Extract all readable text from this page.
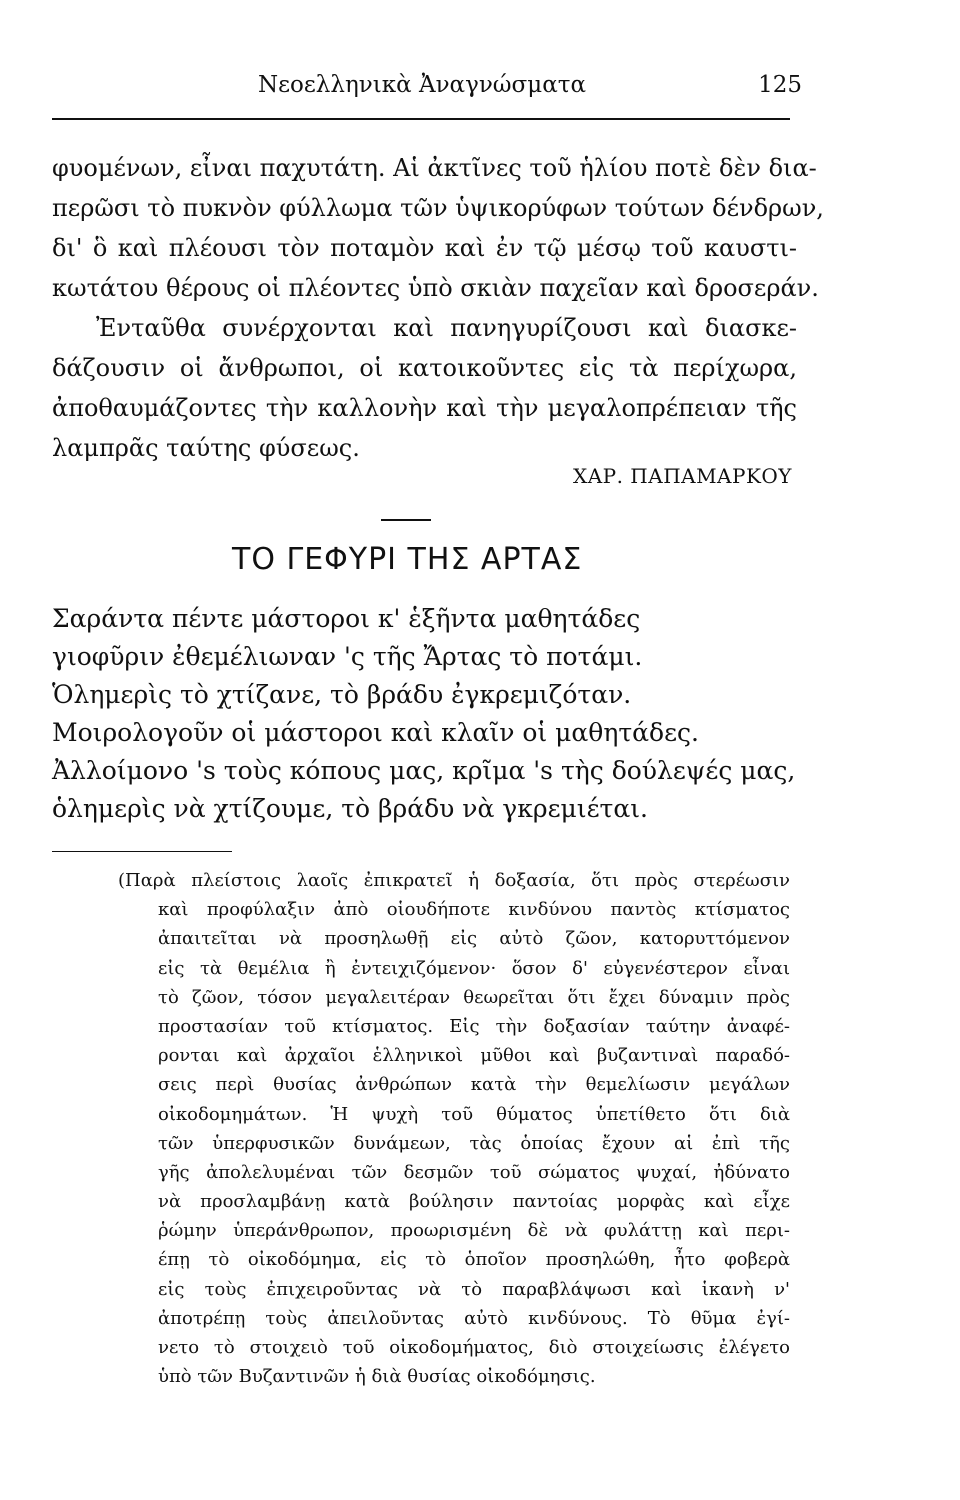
Νεοελληνικὰ Ἀναγνώσματα	125
φυομένων, εἶναι παχυτάτη. Αἱ ἀκτῖνες τοῦ ἡλίου ποτὲ δὲν δια-
περῶσι τὸ πυκνὸν φύλλωμα τῶν ὑψικορύφων τούτων δένδρων,
δι' ὃ καὶ πλέουσι τὸν ποταμὸν καὶ ἐν τῷ μέσῳ τοῦ καυστι-
κωτάτου θέρους οἱ πλέοντες ὑπὸ σκιὰν παχεῖαν καὶ δροσεράν.
Ἐνταῦθα συνέρχονται καὶ πανηγυρίζουσι καὶ διασκε-
δάζουσιν οἱ ἄνθρωποι, οἱ κατοικοῦντες εἰς τὰ περίχωρα,
ἀποθαυμάζοντες τὴν καλλονὴν καὶ τὴν μεγαλοπρέπειαν τῆς
λαμπρᾶς ταύτης φύσεως.
ΧΑΡ. ΠΑΠΑΜΑΡΚΟΥ
ΤΟ ΓΕΦΥΡΙ ΤΗΣ ΑΡΤΑΣ
Σαράντα πέντε μάστοροι κ' ἑξῆντα μαθητάδες
γιοφῦριν ἐθεμέλιωναν 'ς τῆς Ἄρτας τὸ ποτάμι.
Ὁλημερὶς τὸ χτίζανε, τὸ βράδυ ἐγκρεμιζόταν.
Μοιρολογοῦν οἱ μάστοροι καὶ κλαῖν οἱ μαθητάδες.
Ἀλλοίμονο 's τοὺς κόπους μας, κρῖμα 's τὴς δούλεψές μας,
ὁλημερὶς νὰ χτίζουμε, τὸ βράδυ νὰ γκρεμιέται.
(Παρὰ πλείστοις λαοῖς ἐπικρατεῖ ἡ δοξασία, ὅτι πρὸς στερέωσιν
καὶ προφύλαξιν ἀπὸ οἱουδήποτε κινδύνου παντὸς κτίσματος
ἀπαιτεῖται νὰ προσηλωθῇ εἰς αὐτὸ ζῶον, κατορυττόμενον
εἰς τὰ θεμέλια ἢ ἐντειχιζόμενον· ὅσον δ' εὐγενέστερον εἶναι
τὸ ζῶον, τόσον μεγαλειτέραν θεωρεῖται ὅτι ἔχει δύναμιν πρὸς
προστασίαν τοῦ κτίσματος. Εἰς τὴν δοξασίαν ταύτην ἀναφέ-
ρονται καὶ ἀρχαῖοι ἑλληνικοὶ μῦθοι καὶ βυζαντιναὶ παραδό-
σεις περὶ θυσίας ἀνθρώπων κατὰ τὴν θεμελίωσιν μεγάλων
οἰκοδομημάτων. Ἡ ψυχὴ τοῦ θύματος ὑπετίθετο ὅτι διὰ
τῶν ὑπερφυσικῶν δυνάμεων, τὰς ὁποίας ἔχουν αἱ ἐπὶ τῆς
γῆς ἀπολελυμέναι τῶν δεσμῶν τοῦ σώματος ψυχαί, ἠδύνατο
νὰ προσλαμβάνῃ κατὰ βούλησιν παντοίας μορφὰς καὶ εἶχε
ῥώμην ὑπεράνθρωπον, προωρισμένη δὲ νὰ φυλάττῃ καὶ περι-
έπῃ τὸ οἰκοδόμημα, εἰς τὸ ὁποῖον προσηλώθη, ἦτο φοβερὰ
εἰς τοὺς ἐπιχειροῦντας νὰ τὸ παραβλάψωσι καὶ ἱκανὴ ν'
ἀποτρέπῃ τοὺς ἀπειλοῦντας αὐτὸ κινδύνους. Τὸ θῦμα ἐγί-
νετο τὸ στοιχειὸ τοῦ οἰκοδομήματος, διὸ στοιχείωσις ἐλέγετο
ὑπὸ τῶν Βυζαντινῶν ἡ διὰ θυσίας οἰκοδόμησις.
